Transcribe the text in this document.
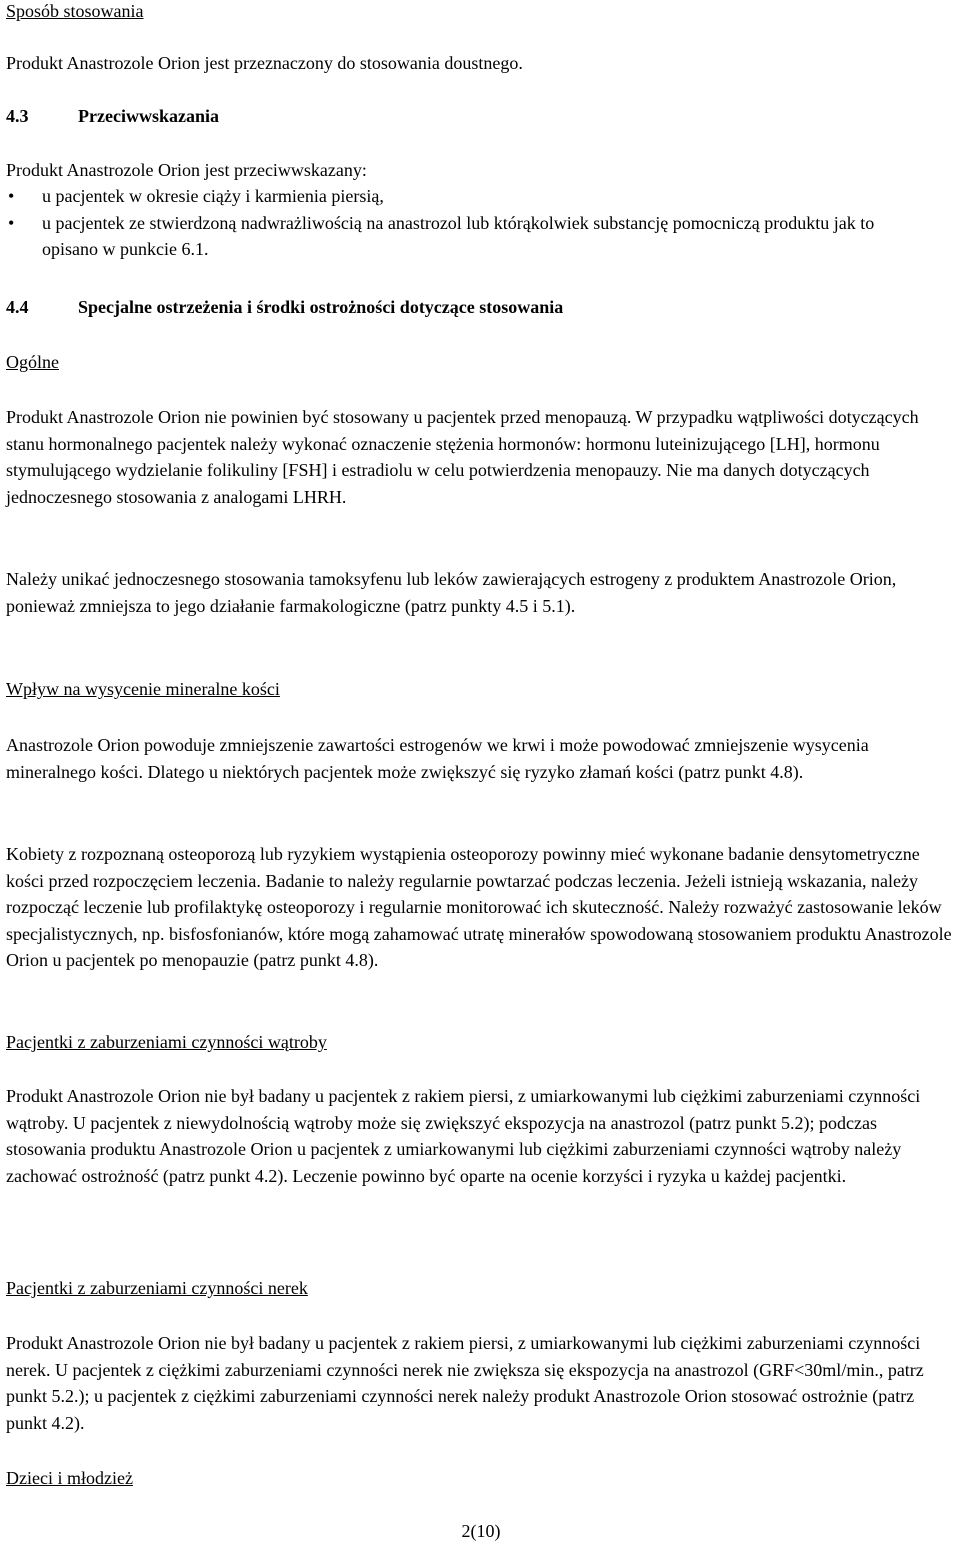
Sposób stosowania

Produkt Anastrozole Orion jest przeznaczony do stosowania doustnego.

4.3	Przeciwwskazania

Produkt Anastrozole Orion jest przeciwwskazany:

• u pacjentek w okresie ciąży i karmienia piersią,
• u pacjentek ze stwierdzoną nadwrażliwością na anastrozol lub którąkolwiek substancję pomocniczą produktu jak to opisano w punkcie 6.1.

4.4	Specjalne ostrzeżenia i środki ostrożności dotyczące stosowania

Ogólne

Produkt Anastrozole Orion nie powinien być stosowany u pacjentek przed menopauzą. W przypadku wątpliwości dotyczących stanu hormonalnego pacjentek należy wykonać oznaczenie stężenia hormonów: hormonu luteinizującego [LH], hormonu stymulującego wydzielanie folikuliny [FSH] i estradiolu w celu potwierdzenia menopauzy. Nie ma danych dotyczących jednoczesnego stosowania z analogami LHRH.

Należy unikać jednoczesnego stosowania tamoksyfenu lub leków zawierających estrogeny z produktem Anastrozole Orion, ponieważ zmniejsza to jego działanie farmakologiczne (patrz punkty 4.5 i 5.1).

Wpływ na wysycenie mineralne kości

Anastrozole Orion powoduje zmniejszenie zawartości estrogenów we krwi i może powodować zmniejszenie wysycenia mineralnego kości. Dlatego u niektórych pacjentek może zwiększyć się ryzyko złamań kości (patrz punkt 4.8).

Kobiety z rozpoznaną osteoporozą lub ryzykiem wystąpienia osteoporozy powinny mieć wykonane badanie densytometryczne kości przed rozpoczęciem leczenia. Badanie to należy regularnie powtarzać podczas leczenia. Jeżeli istnieją wskazania, należy rozpocząć leczenie lub profilaktykę osteoporozy i regularnie monitorować ich skuteczność. Należy rozważyć zastosowanie leków specjalistycznych, np. bisfosfonianów, które mogą zahamować utratę minerałów spowodowaną stosowaniem produktu Anastrozole Orion u pacjentek po menopauzie (patrz punkt 4.8).

Pacjentki z zaburzeniami czynności wątroby

Produkt Anastrozole Orion nie był badany u pacjentek z rakiem piersi, z umiarkowanymi lub ciężkimi zaburzeniami czynności wątroby. U pacjentek z niewydolnością wątroby może się zwiększyć ekspozycja na anastrozol (patrz punkt 5.2); podczas stosowania produktu Anastrozole Orion u pacjentek z umiarkowanymi lub ciężkimi zaburzeniami czynności wątroby należy zachować ostrożność (patrz punkt 4.2). Leczenie powinno być oparte na ocenie korzyści i ryzyka u każdej pacjentki.

Pacjentki z zaburzeniami czynności nerek

Produkt Anastrozole Orion nie był badany u pacjentek z rakiem piersi, z umiarkowanymi lub ciężkimi zaburzeniami czynności nerek. U pacjentek z ciężkimi zaburzeniami czynności nerek nie zwiększa się ekspozycja na anastrozol (GRF<30ml/min., patrz punkt 5.2.); u pacjentek z ciężkimi zaburzeniami czynności nerek należy produkt Anastrozole Orion stosować ostrożnie (patrz punkt 4.2).

Dzieci i młodzież

2(10)
